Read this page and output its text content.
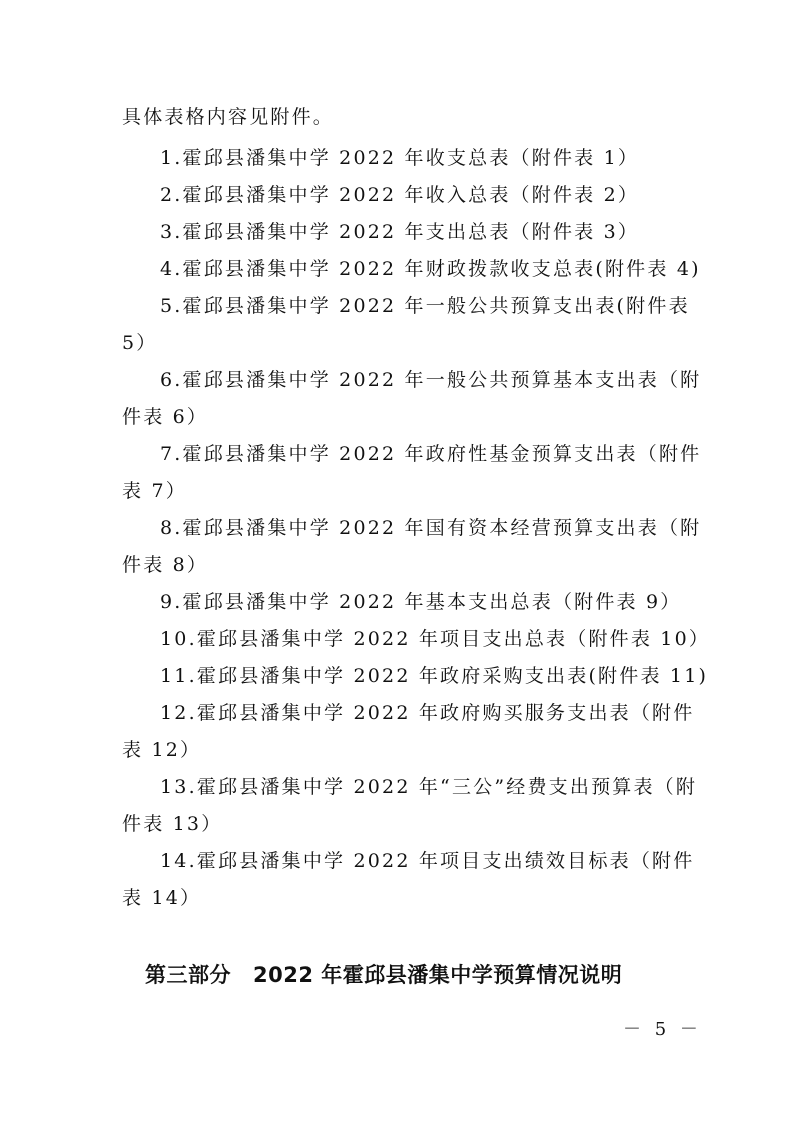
具体表格内容见附件。
1.霍邱县潘集中学 2022 年收支总表（附件表 1）
2.霍邱县潘集中学 2022 年收入总表（附件表 2）
3.霍邱县潘集中学 2022 年支出总表（附件表 3）
4.霍邱县潘集中学 2022 年财政拨款收支总表(附件表 4)
5.霍邱县潘集中学 2022 年一般公共预算支出表(附件表
5）
6.霍邱县潘集中学 2022 年一般公共预算基本支出表（附
件表 6）
7.霍邱县潘集中学 2022 年政府性基金预算支出表（附件
表 7）
8.霍邱县潘集中学 2022 年国有资本经营预算支出表（附
件表 8）
9.霍邱县潘集中学 2022 年基本支出总表（附件表 9）
10.霍邱县潘集中学 2022 年项目支出总表（附件表 10）
11.霍邱县潘集中学 2022 年政府采购支出表(附件表 11)
12.霍邱县潘集中学 2022 年政府购买服务支出表（附件
表 12）
13.霍邱县潘集中学 2022 年“三公”经费支出预算表（附
件表 13）
14.霍邱县潘集中学 2022 年项目支出绩效目标表（附件
表 14）
第三部分 2022 年霍邱县潘集中学预算情况说明
－ 5 －
